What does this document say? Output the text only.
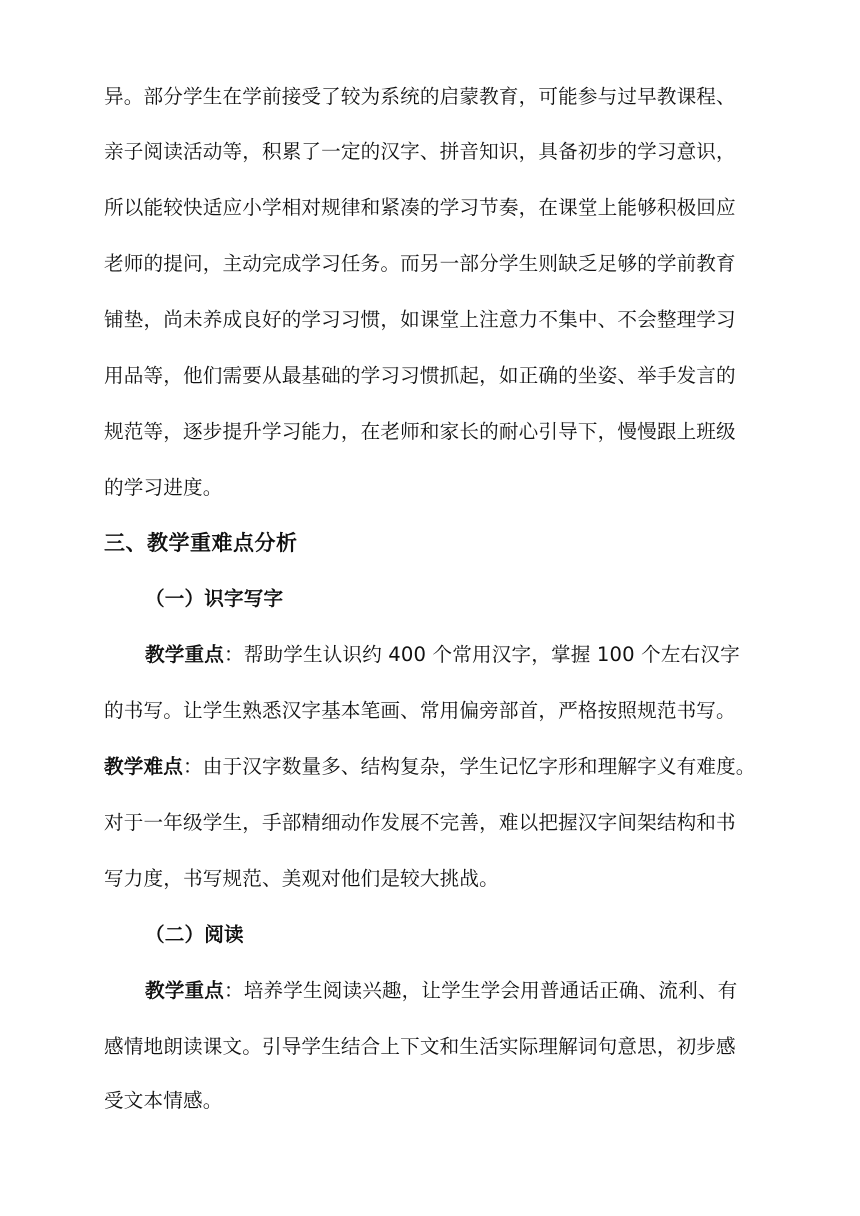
异。部分学生在学前接受了较为系统的启蒙教育，可能参与过早教课程、
亲子阅读活动等，积累了一定的汉字、拼音知识，具备初步的学习意识，
所以能较快适应小学相对规律和紧凑的学习节奏，在课堂上能够积极回应
老师的提问，主动完成学习任务。而另一部分学生则缺乏足够的学前教育
铺垫，尚未养成良好的学习习惯，如课堂上注意力不集中、不会整理学习
用品等，他们需要从最基础的学习习惯抓起，如正确的坐姿、举手发言的
规范等，逐步提升学习能力，在老师和家长的耐心引导下，慢慢跟上班级
的学习进度。
三、教学重难点分析
（一）识字写字
教学重点：帮助学生认识约 400 个常用汉字，掌握 100 个左右汉字
的书写。让学生熟悉汉字基本笔画、常用偏旁部首，严格按照规范书写。
教学难点：由于汉字数量多、结构复杂，学生记忆字形和理解字义有难度。
对于一年级学生，手部精细动作发展不完善，难以把握汉字间架结构和书
写力度，书写规范、美观对他们是较大挑战。
（二）阅读
教学重点：培养学生阅读兴趣，让学生学会用普通话正确、流利、有
感情地朗读课文。引导学生结合上下文和生活实际理解词句意思，初步感
受文本情感。
